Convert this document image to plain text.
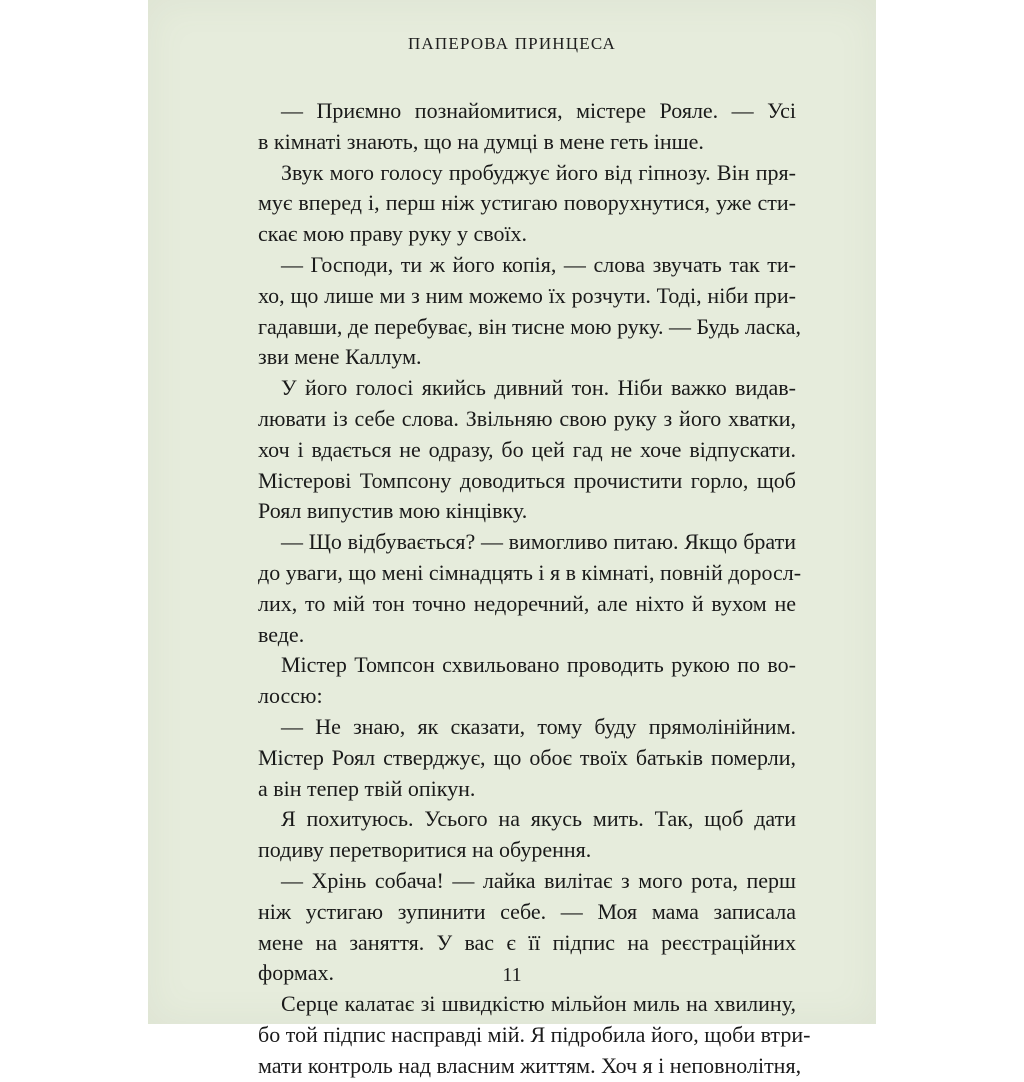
ПАПЕРОВА ПРИНЦЕСА
— Приємно познайомитися, містере Рояле. — Усі
в кімнаті знають, що на думці в мене геть інше.
Звук мого голосу пробуджує його від гіпнозу. Він пря-
мує вперед і, перш ніж устигаю поворухнутися, уже сти-
скає мою праву руку у своїх.
— Господи, ти ж його копія, — слова звучать так ти-
хо, що лише ми з ним можемо їх розчути. Тоді, ніби при-
гадавши, де перебуває, він тисне мою руку. — Будь ласка,
зви мене Каллум.
У його голосі якийсь дивний тон. Ніби важко видав-
лювати із себе слова. Звільняю свою руку з його хватки,
хоч і вдається не одразу, бо цей гад не хоче відпускати.
Містерові Томпсону доводиться прочистити горло, щоб
Роял випустив мою кінцівку.
— Що відбувається? — вимогливо питаю. Якщо брати
до уваги, що мені сімнадцять і я в кімнаті, повній доросл-
лих, то мій тон точно недоречний, але ніхто й вухом не
веде.
Містер Томпсон схвильовано проводить рукою по во-
лоссю:
— Не знаю, як сказати, тому буду прямолінійним.
Містер Роял стверджує, що обоє твоїх батьків померли,
а він тепер твій опікун.
Я похитуюсь. Усього на якусь мить. Так, щоб дати
подиву перетворитися на обурення.
— Хрінь собача! — лайка вилітає з мого рота, перш
ніж устигаю зупинити себе. — Моя мама записала
мене на заняття. У вас є її підпис на реєстраційних
формах.
Серце калатає зі швидкістю мільйон миль на хвилину,
бо той підпис насправді мій. Я підробила його, щоби втри-
мати контроль над власним життям. Хоч я і неповнолітня,
11
